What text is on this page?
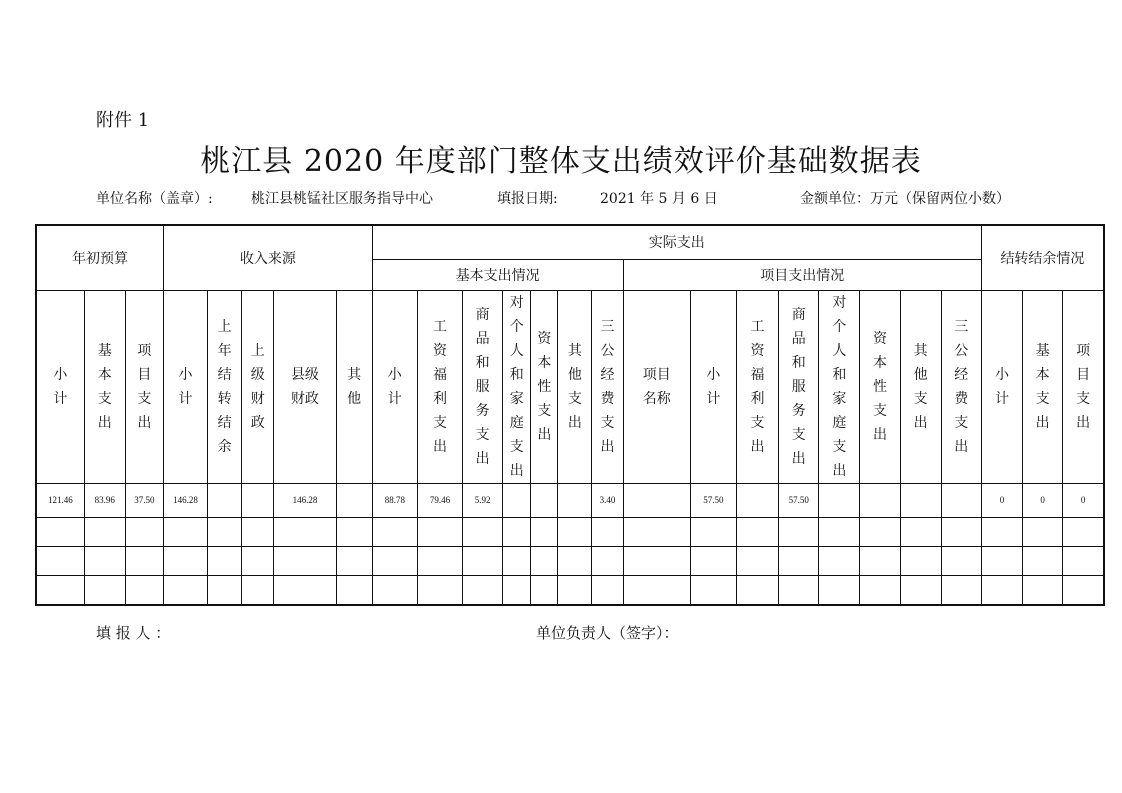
附件 1
桃江县 2020 年度部门整体支出绩效评价基础数据表
单位名称（盖章）:	桃江县桃锰社区服务指导中心	填报日期:	2021 年 5 月 6 日	金额单位：万元（保留两位小数）
年初预算			收入来源					实际支出															结转结余情况		
								基本支出情况							项目支出情况										
小计	基本支出	项目支出	小计	上年结转结余	上级财政	县级财政	其他	小计	工资福利支出	商品和服务支出	对个人和家庭支出	资本性支出	其他支出	三公经费支出	项目名称	小计	工资福利支出	商品和服务支出	对个人和家庭支出	资本性支出	其他支出	三公经费支出	小计	基本支出	项目支出
121.46	83.96	37.50	146.28			146.28		88.78	79.46	5.92				3.40		57.50		57.50					0	0	0

填 报 人 ：	单位负责人（签字）：
